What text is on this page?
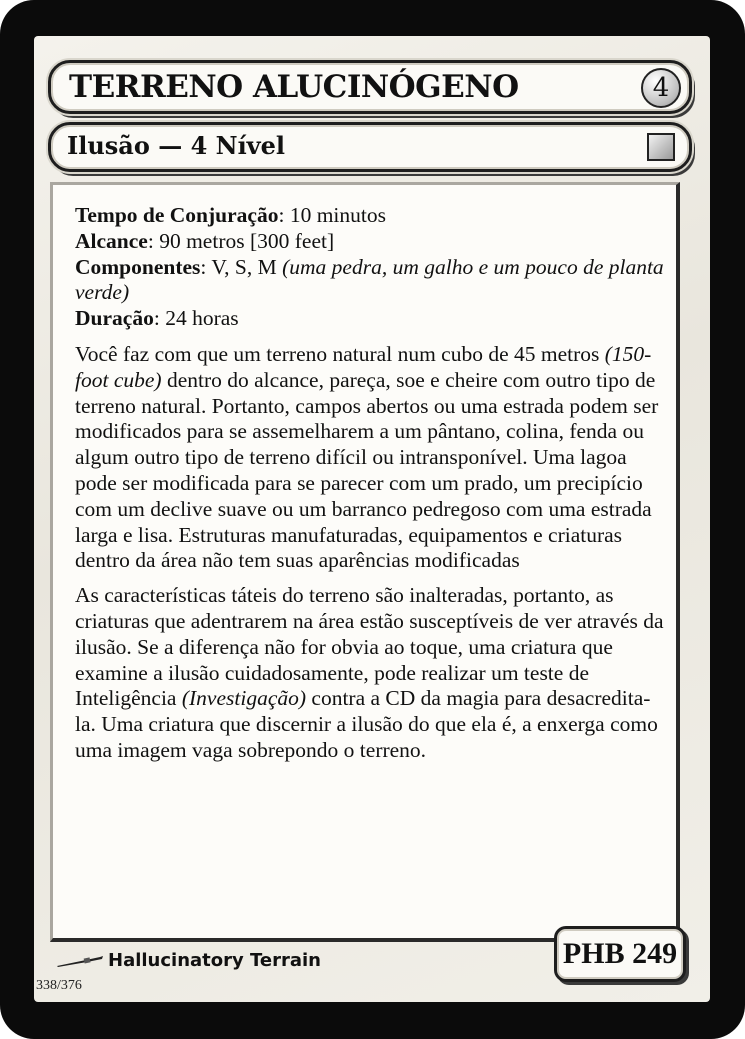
TERRENO ALUCINÓGENO	4
Ilusão — 4 Nível
Tempo de Conjuração: 10 minutos
Alcance: 90 metros [300 feet]
Componentes: V, S, M (uma pedra, um galho e um pouco de planta verde)
Duração: 24 horas

Você faz com que um terreno natural num cubo de 45 metros (150-foot cube) dentro do alcance, pareça, soe e cheire com outro tipo de terreno natural. Portanto, campos abertos ou uma estrada podem ser modificados para se assemelharem a um pântano, colina, fenda ou algum outro tipo de terreno difícil ou intransponível. Uma lagoa pode ser modificada para se parecer com um prado, um precipício com um declive suave ou um barranco pedregoso com uma estrada larga e lisa. Estruturas manufaturadas, equipamentos e criaturas dentro da área não tem suas aparências modificadas

As características táteis do terreno são inalteradas, portanto, as criaturas que adentrarem na área estão susceptíveis de ver através da ilusão. Se a diferença não for obvia ao toque, uma criatura que examine a ilusão cuidadosamente, pode realizar um teste de Inteligência (Investigação) contra a CD da magia para desacredita-la. Uma criatura que discernir a ilusão do que ela é, a enxerga como uma imagem vaga sobrepondo o terreno.

PHB 249
Hallucinatory Terrain
338/376
